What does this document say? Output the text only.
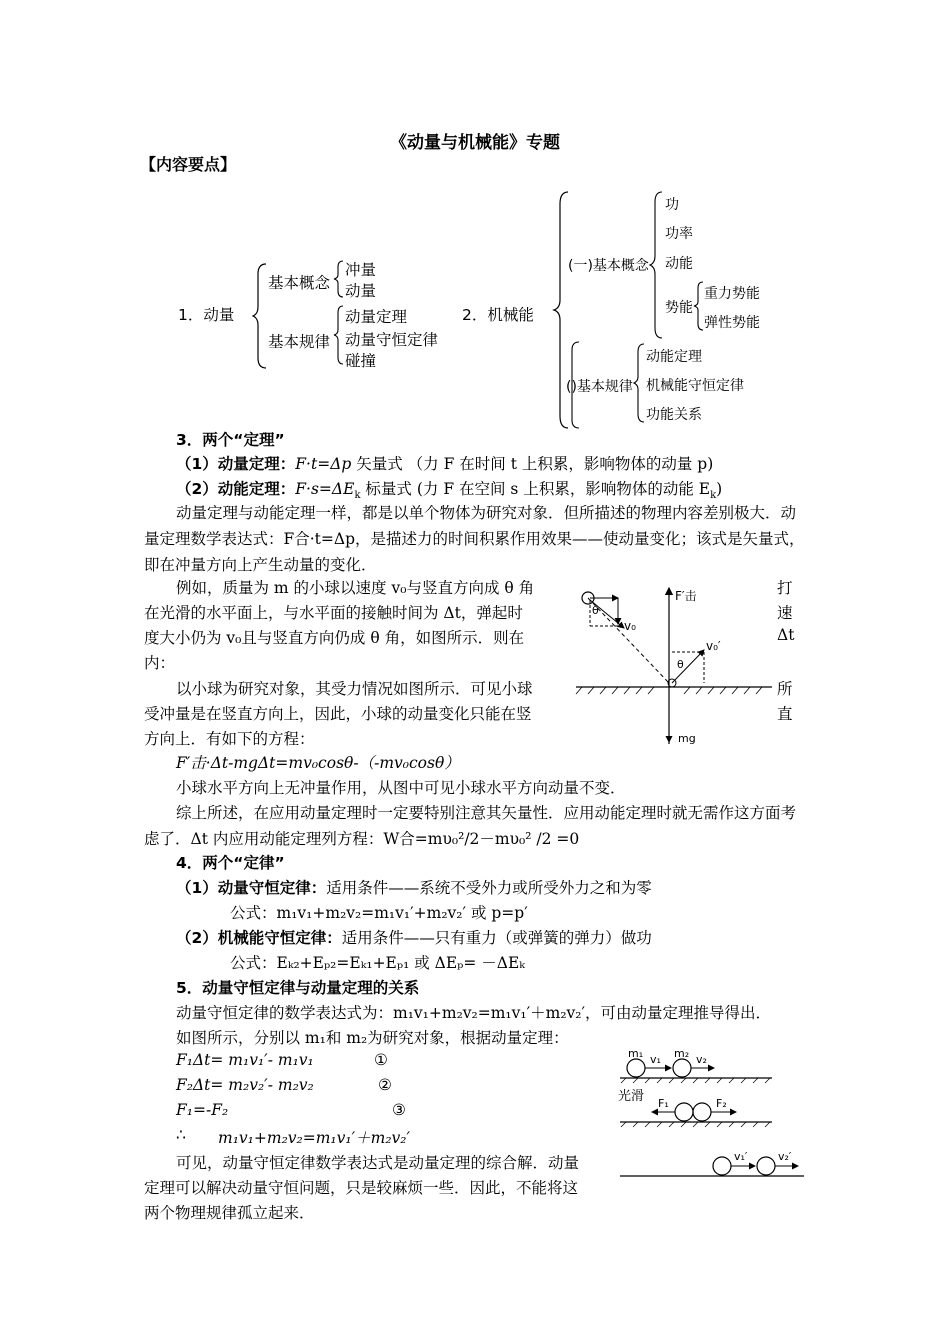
《动量与机械能》专题
【内容要点】
1．动量
基本概念
基本规律
冲量
动量
动量定理
动量守恒定律
碰撞
2．机械能
(一)基本概念
功
功率
动能
势能
重力势能
弹性势能
()基本规律
动能定理
机械能守恒定律
功能关系
3．两个“定理”
（1）动量定理：F·t=Δp 矢量式 （力 F 在时间 t 上积累，影响物体的动量 p)
（2）动能定理：$F\cdot s=\Delta E_k$ 标量式 (力 F 在空间 s 上积累，影响物体的动能 $E_k$)
动量定理与动能定理一样，都是以单个物体为研究对象．但所描述的物理内容差别极大．动量定理数学表达式：F合·t=Δp，是描述力的时间积累作用效果——使动量变化；该式是矢量式，即在冲量方向上产生动量的变化．
例如，质量为 m 的小球以速度 v₀与竖直方向成 θ 角
在光滑的水平面上，与水平面的接触时间为 Δt，弹起时
度大小仍为 v₀且与竖直方向仍成 θ 角，如图所示．则在
内：
以小球为研究对象，其受力情况如图所示．可见小球
受冲量是在竖直方向上，因此，小球的动量变化只能在竖
方向上．有如下的方程：
打
速
Δt
所
直
θ
v₀
F′击
θ
v₀′
mg
F′击·Δt-mgΔt=mv₀cosθ-（-mv₀cosθ）
小球水平方向上无冲量作用，从图中可见小球水平方向动量不变．
综上所述，在应用动量定理时一定要特别注意其矢量性．应用动能定理时就无需作这方面考虑了．Δt 内应用动能定理列方程：W合=mυ₀²/2－mυ₀² /2 =0
4．两个“定律”
（1）动量守恒定律：适用条件——系统不受外力或所受外力之和为零
公式：m₁v₁+m₂v₂=m₁v₁′+m₂v₂′ 或 p=p′
（2）机械能守恒定律：适用条件——只有重力（或弹簧的弹力）做功
公式：Eₖ₂+Eₚ₂=Eₖ₁+Eₚ₁ 或 ΔEₚ= －ΔEₖ
5．动量守恒定律与动量定理的关系
动量守恒定律的数学表达式为：m₁v₁+m₂v₂=m₁v₁′＋m₂v₂′，可由动量定理推导得出．
如图所示，分别以 m₁和 m₂为研究对象，根据动量定理：
F₁Δt= m₁v₁′- m₁v₁	①
F₂Δt= m₂v₂′- m₂v₂	②
F₁=-F₂	③
∴ m₁v₁+m₂v₂=m₁v₁′＋m₂v₂′
可见，动量守恒定律数学表达式是动量定理的综合解．动量
定理可以解决动量守恒问题，只是较麻烦一些．因此，不能将这
两个物理规律孤立起来．
m₁	m₂
v₁	v₂
光滑 F₁	F₂
v₁′	v₂′
